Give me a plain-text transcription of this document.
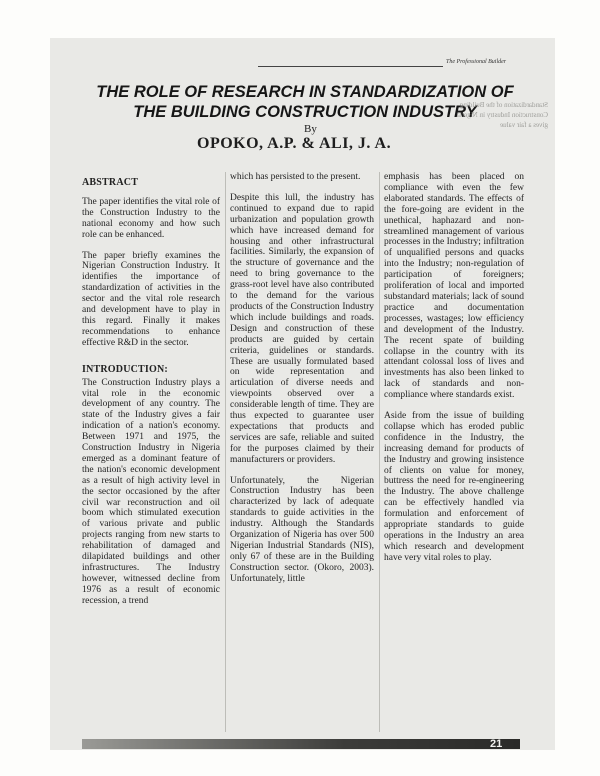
The Professional Builder
THE ROLE OF RESEARCH IN STANDARDIZATION OF
THE BUILDING CONSTRUCTION INDUSTRY
By
OPOKO, A.P. & ALI, J. A.
Standardization of the Building Construction Industry in Nigeria gives a fair value
ABSTRACT

The paper identifies the vital role of the Construction Industry to the national economy and how such role can be enhanced.

The paper briefly examines the Nigerian Construction Industry. It identifies the importance of standardization of activities in the sector and the vital role research and development have to play in this regard. Finally it makes recommendations to enhance effective R&D in the sector.

INTRODUCTION:

The Construction Industry plays a vital role in the economic development of any country. The state of the Industry gives a fair indication of a nation's economy. Between 1971 and 1975, the Construction Industry in Nigeria emerged as a dominant feature of the nation's economic development as a result of high activity level in the sector occasioned by the after civil war reconstruction and oil boom which stimulated execution of various private and public projects ranging from new starts to rehabilitation of damaged and dilapidated buildings and other infrastructures. The Industry however, witnessed decline from 1976 as a result of economic recession, a trend

which has persisted to the present.

Despite this lull, the industry has continued to expand due to rapid urbanization and population growth which have increased demand for housing and other infrastructural facilities. Similarly, the expansion of the structure of governance and the need to bring governance to the grass-root level have also contributed to the demand for the various products of the Construction Industry which include buildings and roads. Design and construction of these products are guided by certain criteria, guidelines or standards. These are usually formulated based on wide representation and articulation of diverse needs and viewpoints observed over a considerable length of time. They are thus expected to guarantee user expectations that products and services are safe, reliable and suited for the purposes claimed by their manufacturers or providers.

Unfortunately, the Nigerian Construction Industry has been characterized by lack of adequate standards to guide activities in the industry. Although the Standards Organization of Nigeria has over 500 Nigerian Industrial Standards (NIS), only 67 of these are in the Building Construction sector. (Okoro, 2003). Unfortunately, little

emphasis has been placed on compliance with even the few elaborated standards. The effects of the fore-going are evident in the unethical, haphazard and non-streamlined management of various processes in the Industry; infiltration of unqualified persons and quacks into the Industry; non-regulation of participation of foreigners; proliferation of local and imported substandard materials; lack of sound practice and documentation processes, wastages; low efficiency and development of the Industry. The recent spate of building collapse in the country with its attendant colossal loss of lives and investments has also been linked to lack of standards and non-compliance where standards exist.

Aside from the issue of building collapse which has eroded public confidence in the Industry, the increasing demand for products of the Industry and growing insistence of clients on value for money, buttress the need for re-engineering the Industry. The above challenge can be effectively handled via formulation and enforcement of appropriate standards to guide operations in the Industry an area which research and development have very vital roles to play.

21
